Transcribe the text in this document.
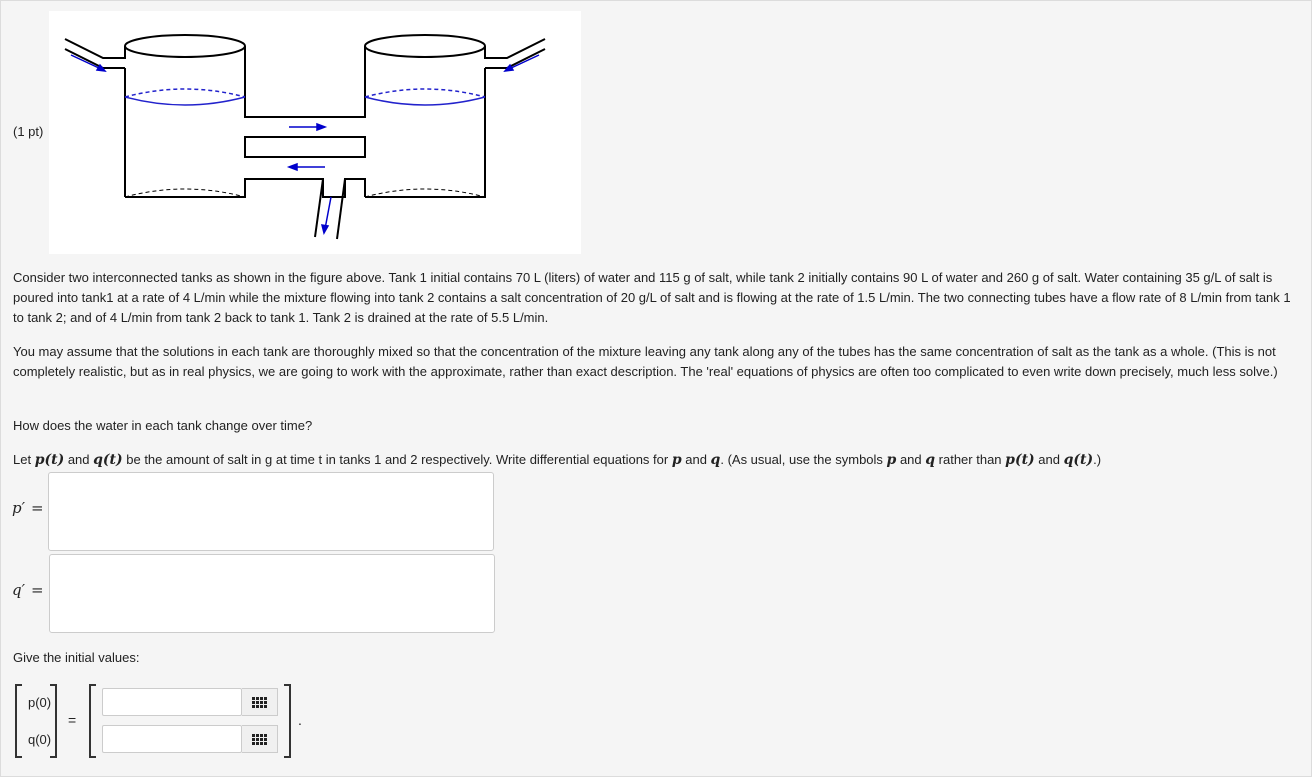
(1 pt)

Consider two interconnected tanks as shown in the figure above. Tank 1 initial contains 70 L (liters) of water and 115 g of salt, while tank 2 initially contains 90 L of water and 260 g of salt. Water containing 35 g/L of salt is poured into tank1 at a rate of 4 L/min while the mixture flowing into tank 2 contains a salt concentration of 20 g/L of salt and is flowing at the rate of 1.5 L/min. The two connecting tubes have a flow rate of 8 L/min from tank 1 to tank 2; and of 4 L/min from tank 2 back to tank 1. Tank 2 is drained at the rate of 5.5 L/min.

You may assume that the solutions in each tank are thoroughly mixed so that the concentration of the mixture leaving any tank along any of the tubes has the same concentration of salt as the tank as a whole. (This is not completely realistic, but as in real physics, we are going to work with the approximate, rather than exact description. The 'real' equations of physics are often too complicated to even write down precisely, much less solve.)

How does the water in each tank change over time?

Let p(t) and q(t) be the amount of salt in g at time t in tanks 1 and 2 respectively. Write differential equations for p and q. (As usual, use the symbols p and q rather than p(t) and q(t).)

p′ =
q′ =

Give the initial values:

p(0)
q(0)
=	.
